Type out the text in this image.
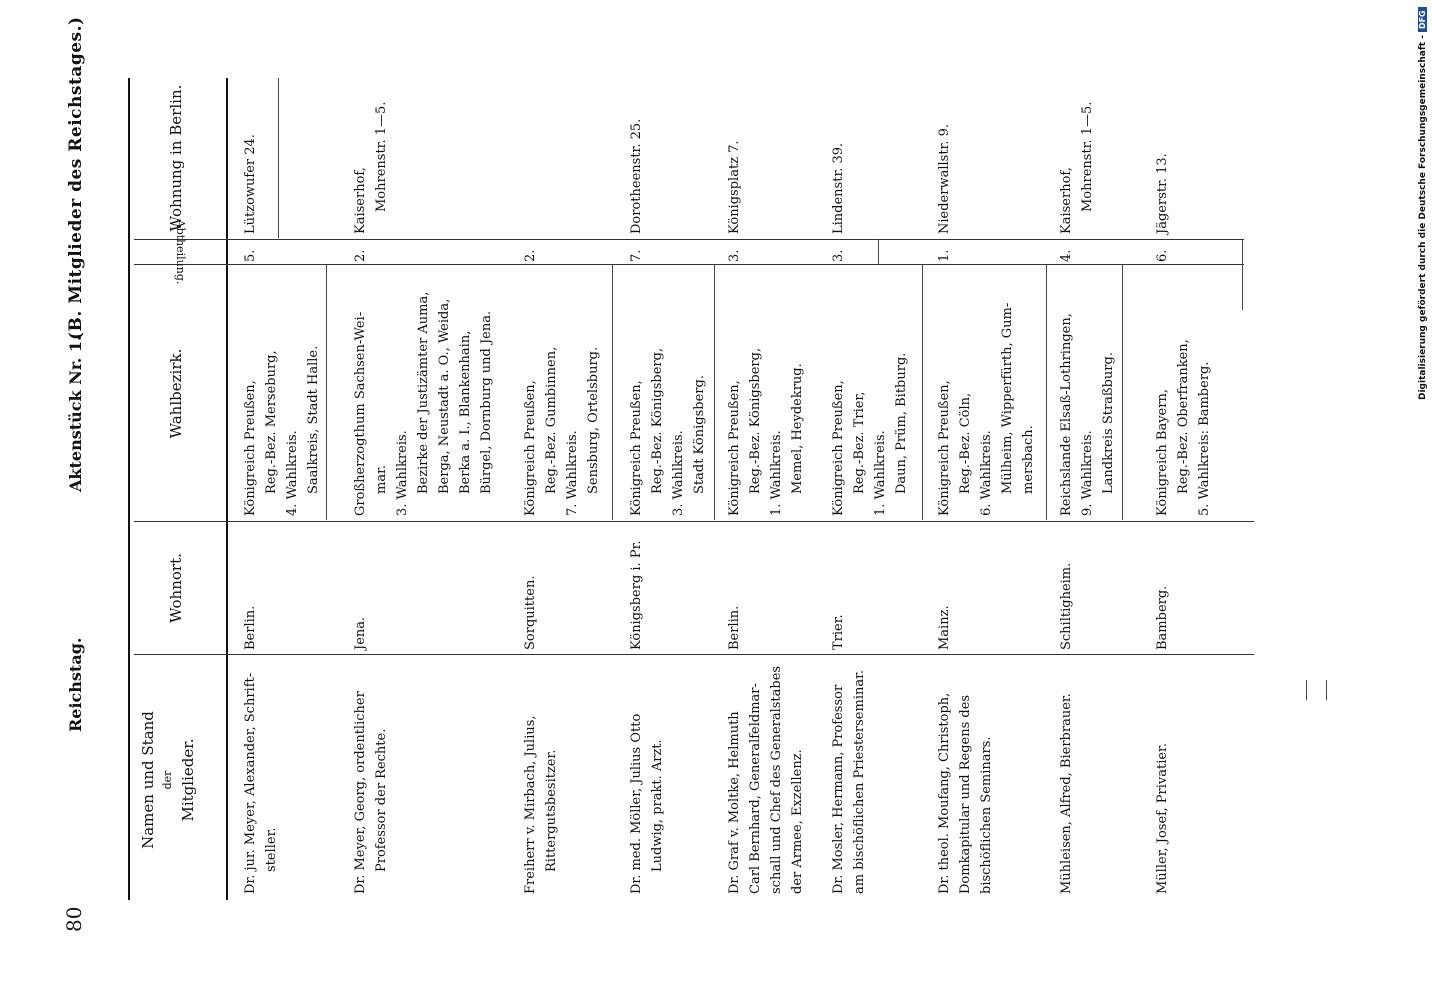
80
Reichstag.
Aktenstück Nr. 1.
(B. Mitglieder des Reichstages.)
Namen und Stand der Mitglieder.
Wohnort.
Wahlbezirk.
Abtheilung.
Wohnung in Berlin.
Dr. jur. Meyer, Alexander, Schrift- steller.
Berlin.
Königreich Preußen, Reg.-Bez. Merseburg, 4. Wahlkreis. Saalkreis, Stadt Halle.
5.
Lützowufer 24.
Dr. Meyer, Georg, ordentlicher Professor der Rechte.
Jena.
Großherzogthum Sachsen-Wei- mar. 3. Wahlkreis. Bezirke der Justizämter Auma, Berga, Neustadt a. O., Weida, Berka a. I., Blankenhain, Bürgel, Dornburg und Jena.
2.
Kaiserhof, Mohrenstr. 1—5.
Freiherr v. Mirbach, Julius, Rittergutsbesitzer.
Sorquitten.
Königreich Preußen, Reg.-Bez. Gumbinnen, 7. Wahlkreis. Sensburg, Ortelsburg.
2.
Dr. med. Möller, Julius Otto Ludwig, prakt. Arzt.
Königsberg i. Pr.
Königreich Preußen, Reg.-Bez. Königsberg, 3. Wahlkreis. Stadt Königsberg.
7.
Dorotheenstr. 25.
Dr. Graf v. Moltke, Helmuth Carl Bernhard, Generalfeldmar- schall und Chef des Generalstabes der Armee, Exzellenz.
Berlin.
Königreich Preußen, Reg.-Bez. Königsberg, 1. Wahlkreis. Memel, Heydekrug.
3.
Königsplatz 7.
Dr. Mosler, Hermann, Professor am bischöflichen Priesterseminar.
Trier.
Königreich Preußen, Reg.-Bez. Trier, 1. Wahlkreis. Daun, Prüm, Bitburg.
3.
Lindenstr. 39.
Dr. theol. Moufang, Christoph, Domkapitular und Regens des bischöflichen Seminars.
Mainz.
Königreich Preußen, Reg.-Bez. Cöln, 6. Wahlkreis. Mülheim, Wipperfürth, Gum- mersbach.
1.
Niederwallstr. 9.
Mühleisen, Alfred, Bierbrauer.
Schiltigheim.
Reichslande Elsaß-Lothringen, 9. Wahlkreis. Landkreis Straßburg.
4.
Kaiserhof, Mohrenstr. 1—5.
Müller, Josef, Privatier.
Bamberg.
Königreich Bayern, Reg.-Bez. Oberfranken, 5. Wahlkreis: Bamberg.
6.
Jägerstr. 13.	Digitalisierung gefördert durch die Deutsche Forschungsgemeinschaft -DFG
